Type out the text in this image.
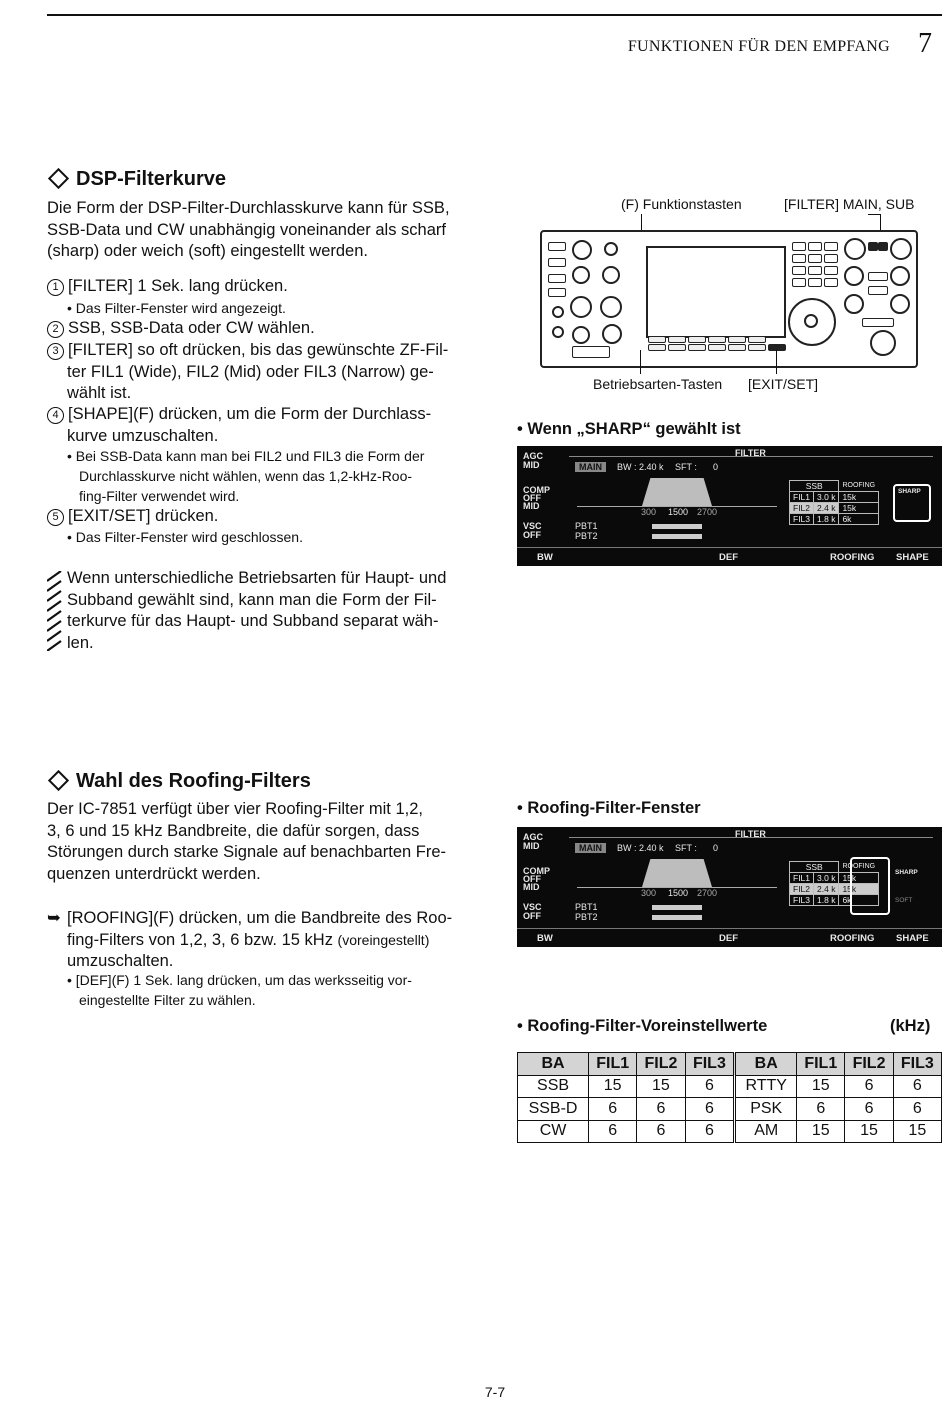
FUNKTIONEN FÜR DEN EMPFANG 7
DSP-Filterkurve
Die Form der DSP-Filter-Durchlasskurve kann für SSB,
SSB-Data und CW unabhängig voneinander als scharf
(sharp) oder weich (soft) eingestellt werden.
1 [FILTER] 1 Sek. lang drücken.
• Das Filter-Fenster wird angezeigt.
2 SSB, SSB-Data oder CW wählen.
3 [FILTER] so oft drücken, bis das gewünschte ZF-Fil-
ter FIL1 (Wide), FIL2 (Mid) oder FIL3 (Narrow) ge-
wählt ist.
4 [SHAPE](F) drücken, um die Form der Durchlass-
kurve umzuschalten.
• Bei SSB-Data kann man bei FIL2 und FIL3 die Form der
Durchlasskurve nicht wählen, wenn das 1,2-kHz-Roo-
fing-Filter verwendet wird.
5 [EXIT/SET] drücken.
• Das Filter-Fenster wird geschlossen.
Wenn unterschiedliche Betriebsarten für Haupt- und
Subband gewählt sind, kann man die Form der Fil-
terkurve für das Haupt- und Subband separat wäh-
len.
(F) Funktionstasten	[FILTER] MAIN, SUB
Betriebsarten-Tasten [EXIT/SET]
• Wenn „SHARP“ gewählt ist
AGC
MID
COMP
OFF
MID
VSC
OFF
FILTER
MAIN	BW : 2.40 k SFT : 0
300 1500 2700
PBT1
PBT2
SSB		ROOFING
FIL1	3.0 k	15k
FIL2	2.4 k	15k
FIL3	1.8 k	6k
SHARP
BW	DEF	ROOFING SHAPE
Wahl des Roofing-Filters
Der IC-7851 verfügt über vier Roofing-Filter mit 1,2,
3, 6 und 15 kHz Bandbreite, die dafür sorgen, dass
Störungen durch starke Signale auf benachbarten Fre-
quenzen unterdrückt werden.
➥ [ROOFING](F) drücken, um die Bandbreite des Roo-
fing-Filters von 1,2, 3, 6 bzw. 15 kHz (voreingestellt)
umzuschalten.
• [DEF](F) 1 Sek. lang drücken, um das werksseitig vor-
eingestellte Filter zu wählen.
• Roofing-Filter-Fenster
AGC
MID
COMP
OFF
MID
VSC
OFF
FILTER
MAIN	BW : 2.40 k SFT : 0
300 1500 2700
PBT1
PBT2
SSB		ROOFING
FIL1	3.0 k	15k
FIL2	2.4 k	15k
FIL3	1.8 k	6k
SHARP
SOFT
BW	DEF	ROOFING SHAPE
• Roofing-Filter-Voreinstellwerte	(kHz)
BA	FIL1	FIL2	FIL3	BA	FIL1	FIL2	FIL3
SSB	15	15	6	RTTY	15	6	6
SSB-D	6	6	6	PSK	6	6	6
CW	6	6	6	AM	15	15	15
7-7
